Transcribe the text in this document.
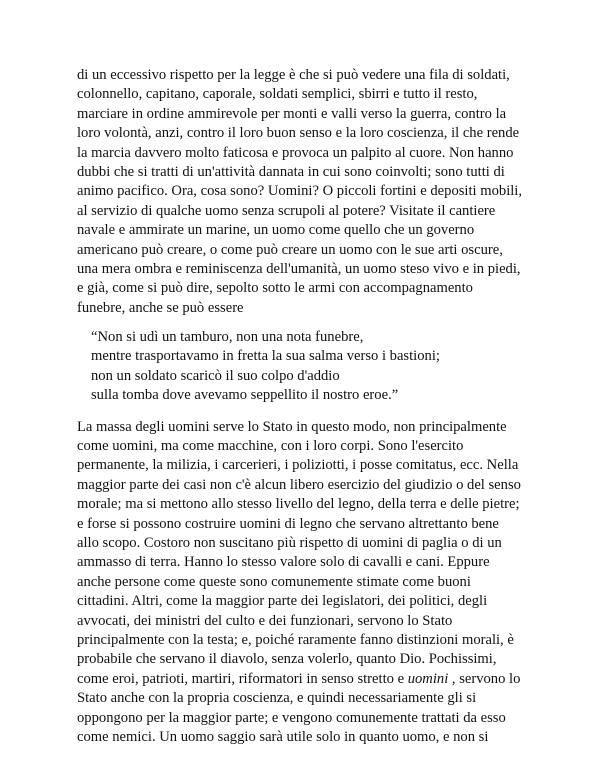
di un eccessivo rispetto per la legge è che si può vedere una fila di soldati,
colonnello, capitano, caporale, soldati semplici, sbirri e tutto il resto,
marciare in ordine ammirevole per monti e valli verso la guerra, contro la
loro volontà, anzi, contro il loro buon senso e la loro coscienza, il che rende
la marcia davvero molto faticosa e provoca un palpito al cuore. Non hanno
dubbi che si tratti di un'attività dannata in cui sono coinvolti; sono tutti di
animo pacifico. Ora, cosa sono? Uomini? O piccoli fortini e depositi mobili,
al servizio di qualche uomo senza scrupoli al potere? Visitate il cantiere
navale e ammirate un marine, un uomo come quello che un governo
americano può creare, o come può creare un uomo con le sue arti oscure,
una mera ombra e reminiscenza dell'umanità, un uomo steso vivo e in piedi,
e già, come si può dire, sepolto sotto le armi con accompagnamento
funebre, anche se può essere
“Non si udì un tamburo, non una nota funebre,
mentre trasportavamo in fretta la sua salma verso i bastioni;
non un soldato scaricò il suo colpo d'addio
sulla tomba dove avevamo seppellito il nostro eroe.”
La massa degli uomini serve lo Stato in questo modo, non principalmente
come uomini, ma come macchine, con i loro corpi. Sono l'esercito
permanente, la milizia, i carcerieri, i poliziotti, i posse comitatus, ecc. Nella
maggior parte dei casi non c'è alcun libero esercizio del giudizio o del senso
morale; ma si mettono allo stesso livello del legno, della terra e delle pietre;
e forse si possono costruire uomini di legno che servano altrettanto bene
allo scopo. Costoro non suscitano più rispetto di uomini di paglia o di un
ammasso di terra. Hanno lo stesso valore solo di cavalli e cani. Eppure
anche persone come queste sono comunemente stimate come buoni
cittadini. Altri, come la maggior parte dei legislatori, dei politici, degli
avvocati, dei ministri del culto e dei funzionari, servono lo Stato
principalmente con la testa; e, poiché raramente fanno distinzioni morali, è
probabile che servano il diavolo, senza volerlo, quanto Dio. Pochissimi,
come eroi, patrioti, martiri, riformatori in senso stretto e uomini , servono lo
Stato anche con la propria coscienza, e quindi necessariamente gli si
oppongono per la maggior parte; e vengono comunemente trattati da esso
come nemici. Un uomo saggio sarà utile solo in quanto uomo, e non si
